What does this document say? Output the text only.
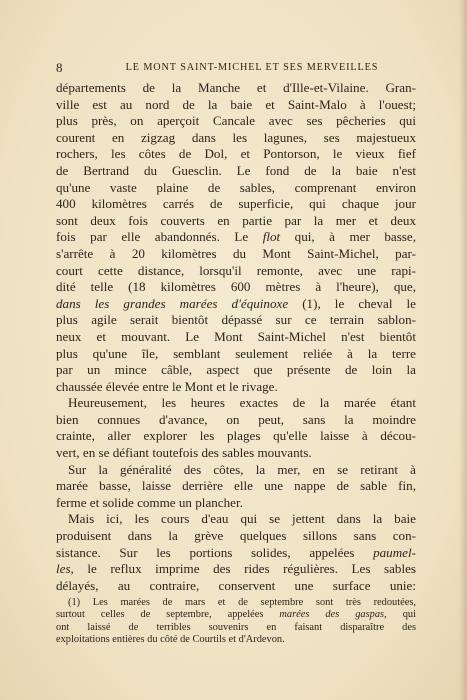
8	LE MONT SAINT-MICHEL ET SES MERVEILLES
départements de la Manche et d'Ille-et-Vilaine. Gran-
ville est au nord de la baie et Saint-Malo à l'ouest;
plus près, on aperçoit Cancale avec ses pêcheries qui
courent en zigzag dans les lagunes, ses majestueux
rochers, les côtes de Dol, et Pontorson, le vieux fief
de Bertrand du Guesclin. Le fond de la baie n'est
qu'une vaste plaine de sables, comprenant environ
400 kilomètres carrés de superficie, qui chaque jour
sont deux fois couverts en partie par la mer et deux
fois par elle abandonnés. Le flot qui, à mer basse,
s'arrête à 20 kilomètres du Mont Saint-Michel, par-
court cette distance, lorsqu'il remonte, avec une rapi-
dité telle (18 kilomètres 600 mètres à l'heure), que,
dans les grandes marées d'équinoxe (1), le cheval le
plus agile serait bientôt dépassé sur ce terrain sablon-
neux et mouvant. Le Mont Saint-Michel n'est bientôt
plus qu'une île, semblant seulement reliée à la terre
par un mince câble, aspect que présente de loin la
chaussée élevée entre le Mont et le rivage.
Heureusement, les heures exactes de la marée étant
bien connues d'avance, on peut, sans la moindre
crainte, aller explorer les plages qu'elle laisse à décou-
vert, en se défiant toutefois des sables mouvants.
Sur la généralité des côtes, la mer, en se retirant à
marée basse, laisse derrière elle une nappe de sable fin,
ferme et solide comme un plancher.
Mais ici, les cours d'eau qui se jettent dans la baie
produisent dans la grève quelques sillons sans con-
sistance. Sur les portions solides, appelées paumel-
les, le reflux imprime des rides régulières. Les sables
délayés, au contraire, conservent une surface unie:
(1) Les marées de mars et de septembre sont très redoutées,
surtout celles de septembre, appelées marées des gaspas, qui
ont laissé de terribles souvenirs en faisant disparaître des
exploitations entières du côté de Courtils et d'Ardevon.
